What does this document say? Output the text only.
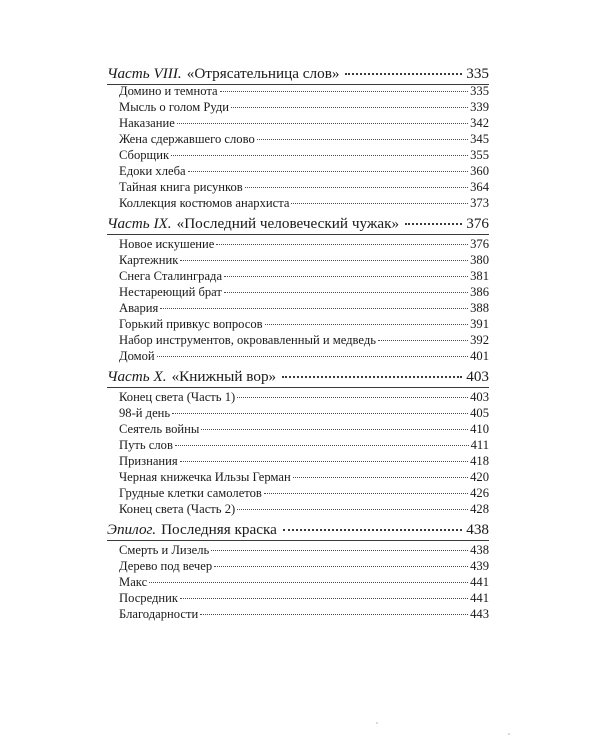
Часть VIII. «Отрясательница слов»	335
Домино и темнота	335
Мысль о голом Руди	339
Наказание	342
Жена сдержавшего слово	345
Сборщик	355
Едоки хлеба	360
Тайная книга рисунков	364
Коллекция костюмов анархиста	373
Часть IX. «Последний человеческий чужак»	376
Новое искушение	376
Картежник	380
Снега Сталинграда	381
Нестареющий брат	386
Авария	388
Горький привкус вопросов	391
Набор инструментов, окровавленный и медведь	392
Домой	401
Часть X. «Книжный вор»	403
Конец света (Часть 1)	403
98-й день	405
Сеятель войны	410
Путь слов	411
Признания	418
Черная книжечка Ильзы Герман	420
Грудные клетки самолетов	426
Конец света (Часть 2)	428
Эпилог. Последняя краска	438
Смерть и Лизель	438
Дерево под вечер	439
Макс	441
Посредник	441
Благодарности	443
